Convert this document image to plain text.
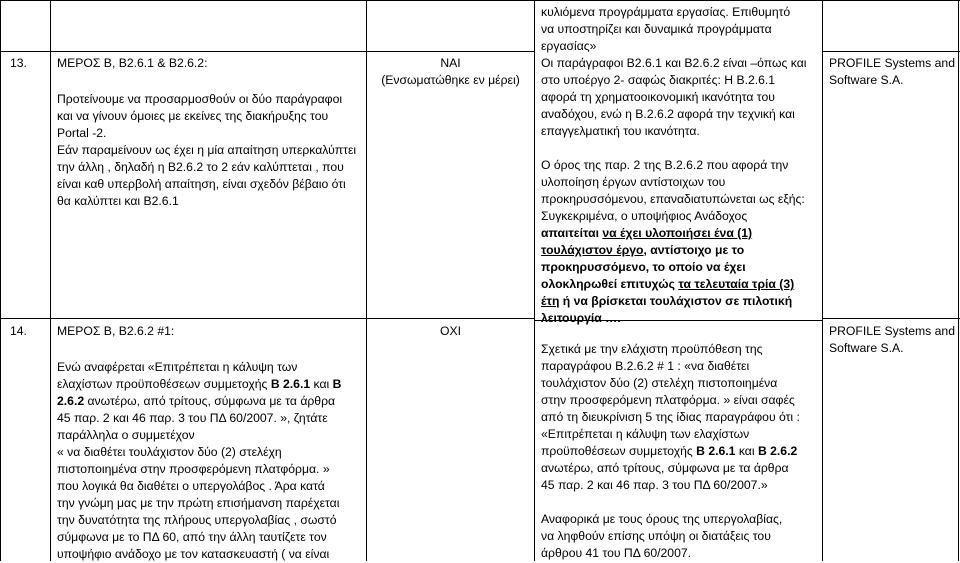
13. ΜΕΡΟΣ Β, Β2.6.1 & Β2.6.2:
Προτείνουμε να προσαρμοσθούν οι δύο παράγραφοι
και να γίνουν όμοιες με εκείνες της διακήρυξης του
Portal -2.
Εάν παραμείνουν ως έχει η μία απαίτηση υπερκαλύπτει
την άλλη , δηλαδή η Β2.6.2 το 2 εάν καλύπτεται , που
είναι καθ υπερβολή απαίτηση, είναι σχεδόν βέβαιο ότι
θα καλύπτει και Β2.6.1
ΝΑΙ
(Ενσωματώθηκε εν μέρει)
κυλιόμενα προγράμματα εργασίας. Επιθυμητό
να υποστηρίζει και δυναμικά προγράμματα
εργασίας»
Οι παράγραφοι Β2.6.1 και Β2.6.2 είναι –όπως και
στο υποέργο 2- σαφώς διακριτές: Η Β.2.6.1
αφορά τη χρηματοοικονομική ικανότητα του
αναδόχου, ενώ η Β.2.6.2 αφορά την τεχνική και
επαγγελματική του ικανότητα.
Ο όρος της παρ. 2 της Β.2.6.2 που αφορά την
υλοποίηση έργων αντίστοιχων του
προκηρυσσόμενου, επαναδιατυπώνεται ως εξής:
Συγκεκριμένα, ο υποψήφιος Ανάδοχος
απαιτείται να έχει υλοποιήσει ένα (1)
τουλάχιστον έργο, αντίστοιχο με το
προκηρυσσόμενο, το οποίο να έχει
ολοκληρωθεί επιτυχώς τα τελευταία τρία (3)
έτη ή να βρίσκεται τουλάχιστον σε πιλοτική
λειτουργία ….
PROFILE Systems and
Software S.A.
14. ΜΕΡΟΣ Β, Β2.6.2 #1:
Ενώ αναφέρεται «Επιτρέπεται η κάλυψη των
ελαχίστων προϋποθέσεων συμμετοχής Β 2.6.1 και Β
2.6.2 ανωτέρω, από τρίτους, σύμφωνα με τα άρθρα
45 παρ. 2 και 46 παρ. 3 του ΠΔ 60/2007. », ζητάτε
παράλληλα ο συμμετέχον
« να διαθέτει τουλάχιστον δύο (2) στελέχη
πιστοποιημένα στην προσφερόμενη πλατφόρμα. »
που λογικά θα διαθέτει ο υπεργολάβος . Άρα κατά
την γνώμη μας με την πρώτη επισήμανση παρέχεται
την δυνατότητα της πλήρους υπεργολαβίας , σωστό
σύμφωνα με το ΠΔ 60, από την άλλη ταυτίζετε τον
υποψήφιο ανάδοχο με τον κατασκευαστή ( να είναι
ΟΧΙ
Σχετικά με την ελάχιστη προϋπόθεση της
παραγράφου Β.2.6.2 # 1 : «να διαθέτει
τουλάχιστον δύο (2) στελέχη πιστοποιημένα
στην προσφερόμενη πλατφόρμα. » είναι σαφές
από τη διευκρίνιση 5 της ίδιας παραγράφου ότι :
«Επιτρέπεται η κάλυψη των ελαχίστων
προϋποθέσεων συμμετοχής Β 2.6.1 και Β 2.6.2
ανωτέρω, από τρίτους, σύμφωνα με τα άρθρα
45 παρ. 2 και 46 παρ. 3 του ΠΔ 60/2007.»
Αναφορικά με τους όρους της υπεργολαβίας,
να ληφθούν επίσης υπόψη οι διατάξεις του
άρθρου 41 του ΠΔ 60/2007.
PROFILE Systems and
Software S.A.
